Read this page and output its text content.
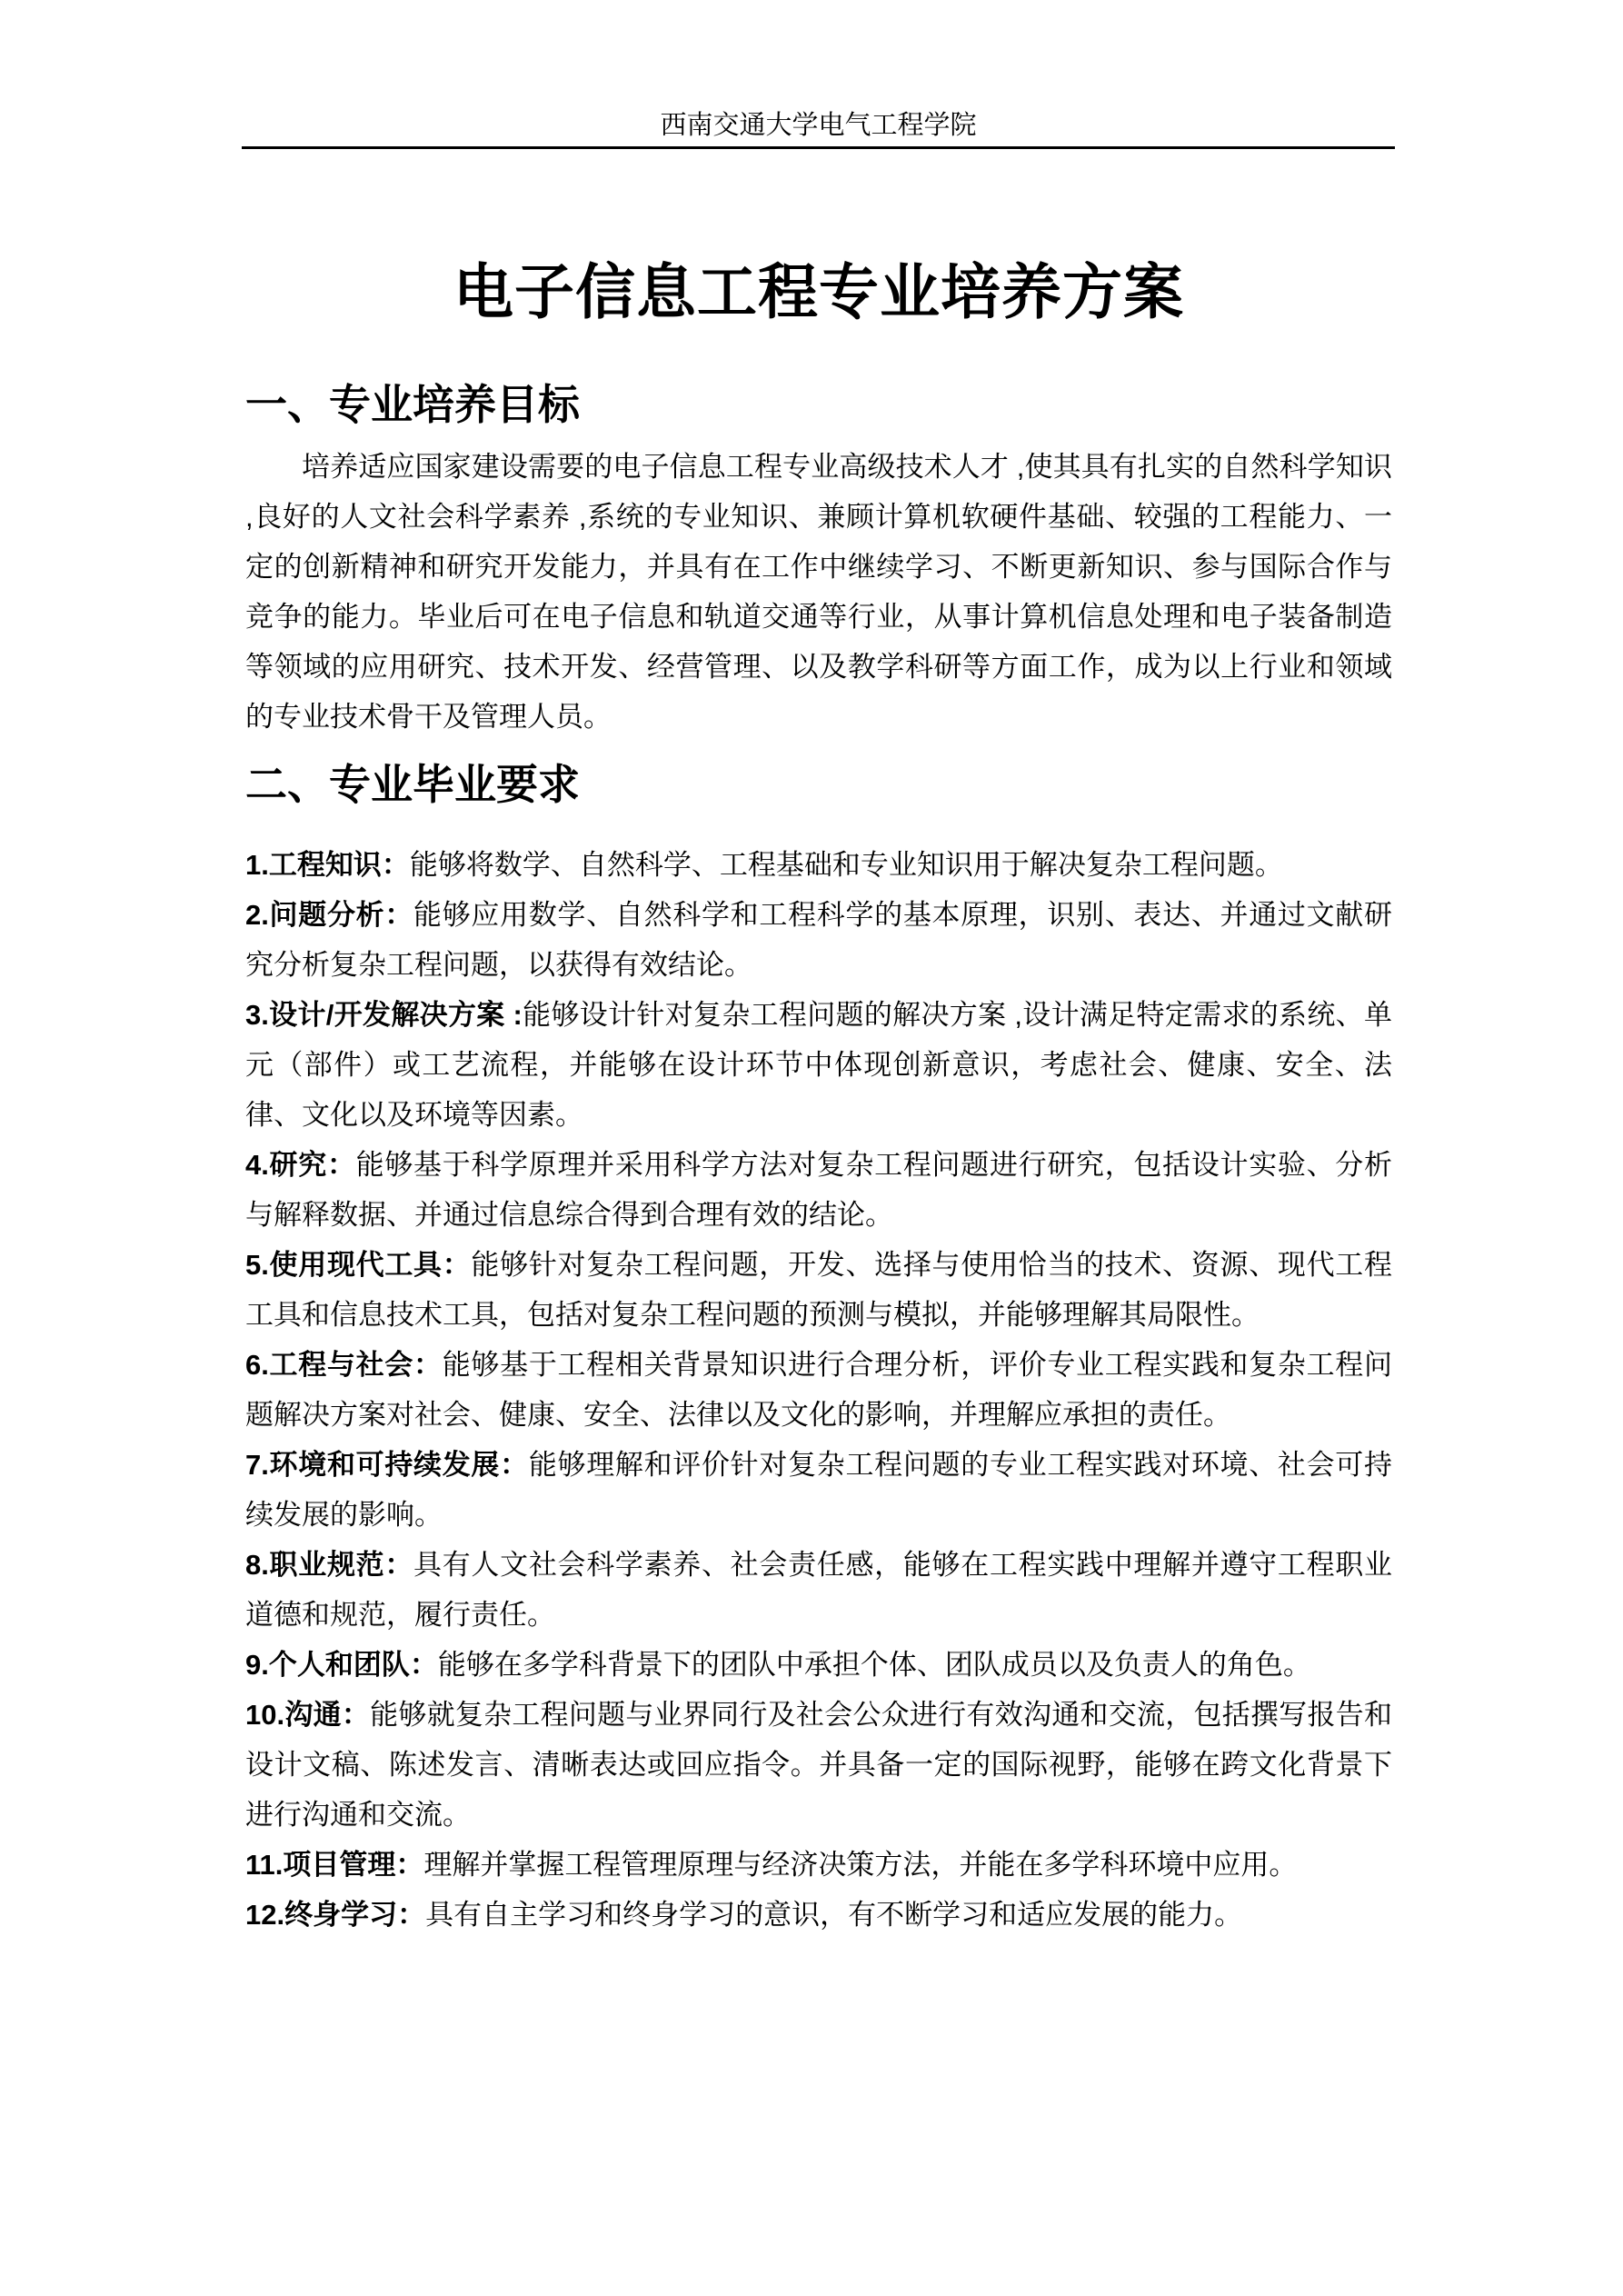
西南交通大学电气工程学院
电子信息工程专业培养方案
一、专业培养目标

培养适应国家建设需要的电子信息工程专业高级技术人才 ,使其具有扎实的自然科学知识 ,良好的人文社会科学素养 ,系统的专业知识、兼顾计算机软硬件基础、较强的工程能力、一定的创新精神和研究开发能力，并具有在工作中继续学习、不断更新知识、参与国际合作与竞争的能力。毕业后可在电子信息和轨道交通等行业，从事计算机信息处理和电子装备制造等领域的应用研究、技术开发、经营管理、以及教学科研等方面工作，成为以上行业和领域的专业技术骨干及管理人员。

二、专业毕业要求

1.工程知识：能够将数学、自然科学、工程基础和专业知识用于解决复杂工程问题。

2.问题分析：能够应用数学、自然科学和工程科学的基本原理，识别、表达、并通过文献研究分析复杂工程问题，以获得有效结论。

3.设计/开发解决方案 :能够设计针对复杂工程问题的解决方案 ,设计满足特定需求的系统、单元（部件）或工艺流程，并能够在设计环节中体现创新意识，考虑社会、健康、安全、法律、文化以及环境等因素。

4.研究：能够基于科学原理并采用科学方法对复杂工程问题进行研究，包括设计实验、分析与解释数据、并通过信息综合得到合理有效的结论。

5.使用现代工具：能够针对复杂工程问题，开发、选择与使用恰当的技术、资源、现代工程工具和信息技术工具，包括对复杂工程问题的预测与模拟，并能够理解其局限性。

6.工程与社会：能够基于工程相关背景知识进行合理分析，评价专业工程实践和复杂工程问题解决方案对社会、健康、安全、法律以及文化的影响，并理解应承担的责任。

7.环境和可持续发展：能够理解和评价针对复杂工程问题的专业工程实践对环境、社会可持续发展的影响。

8.职业规范：具有人文社会科学素养、社会责任感，能够在工程实践中理解并遵守工程职业道德和规范，履行责任。

9.个人和团队：能够在多学科背景下的团队中承担个体、团队成员以及负责人的角色。

10.沟通：能够就复杂工程问题与业界同行及社会公众进行有效沟通和交流，包括撰写报告和设计文稿、陈述发言、清晰表达或回应指令。并具备一定的国际视野，能够在跨文化背景下进行沟通和交流。

11.项目管理：理解并掌握工程管理原理与经济决策方法，并能在多学科环境中应用。

12.终身学习：具有自主学习和终身学习的意识，有不断学习和适应发展的能力。
